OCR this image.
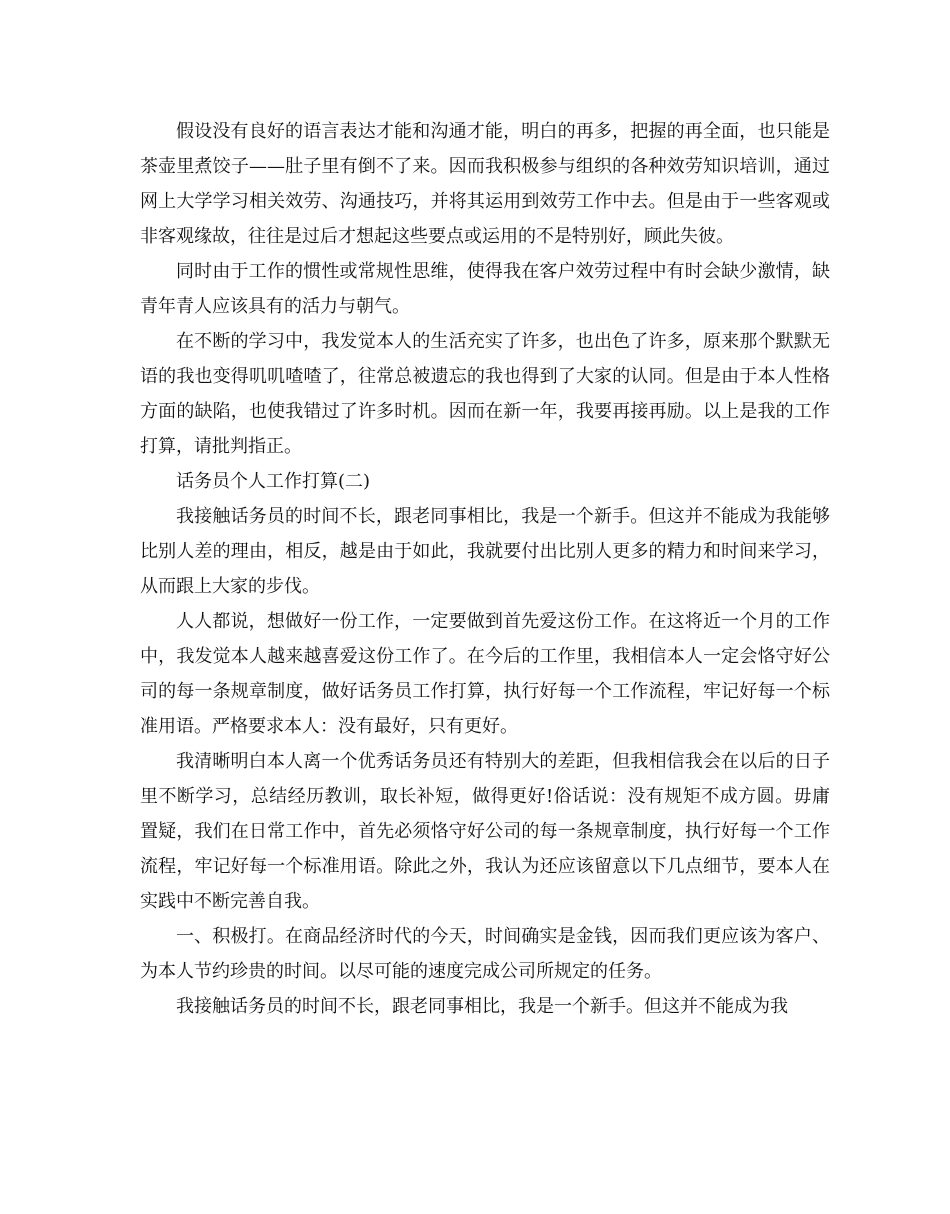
假设没有良好的语言表达才能和沟通才能，明白的再多，把握的再全面，也只能是茶壶里煮饺子——肚子里有倒不了来。因而我积极参与组织的各种效劳知识培训，通过网上大学学习相关效劳、沟通技巧，并将其运用到效劳工作中去。但是由于一些客观或非客观缘故，往往是过后才想起这些要点或运用的不是特别好，顾此失彼。

同时由于工作的惯性或常规性思维，使得我在客户效劳过程中有时会缺少激情，缺青年青人应该具有的活力与朝气。

在不断的学习中，我发觉本人的生活充实了许多，也出色了许多，原来那个默默无语的我也变得叽叽喳喳了，往常总被遗忘的我也得到了大家的认同。但是由于本人性格方面的缺陷，也使我错过了许多时机。因而在新一年，我要再接再励。以上是我的工作打算，请批判指正。

话务员个人工作打算(二)

我接触话务员的时间不长，跟老同事相比，我是一个新手。但这并不能成为我能够比别人差的理由，相反，越是由于如此，我就要付出比别人更多的精力和时间来学习，从而跟上大家的步伐。

人人都说，想做好一份工作，一定要做到首先爱这份工作。在这将近一个月的工作中，我发觉本人越来越喜爱这份工作了。在今后的工作里，我相信本人一定会恪守好公司的每一条规章制度，做好话务员工作打算，执行好每一个工作流程，牢记好每一个标准用语。严格要求本人：没有最好，只有更好。

我清晰明白本人离一个优秀话务员还有特别大的差距，但我相信我会在以后的日子里不断学习，总结经历教训，取长补短，做得更好!俗话说：没有规矩不成方圆。毋庸置疑，我们在日常工作中，首先必须恪守好公司的每一条规章制度，执行好每一个工作流程，牢记好每一个标准用语。除此之外，我认为还应该留意以下几点细节，要本人在实践中不断完善自我。

一、积极打。在商品经济时代的今天，时间确实是金钱，因而我们更应该为客户、为本人节约珍贵的时间。以尽可能的速度完成公司所规定的任务。

我接触话务员的时间不长，跟老同事相比，我是一个新手。但这并不能成为我
